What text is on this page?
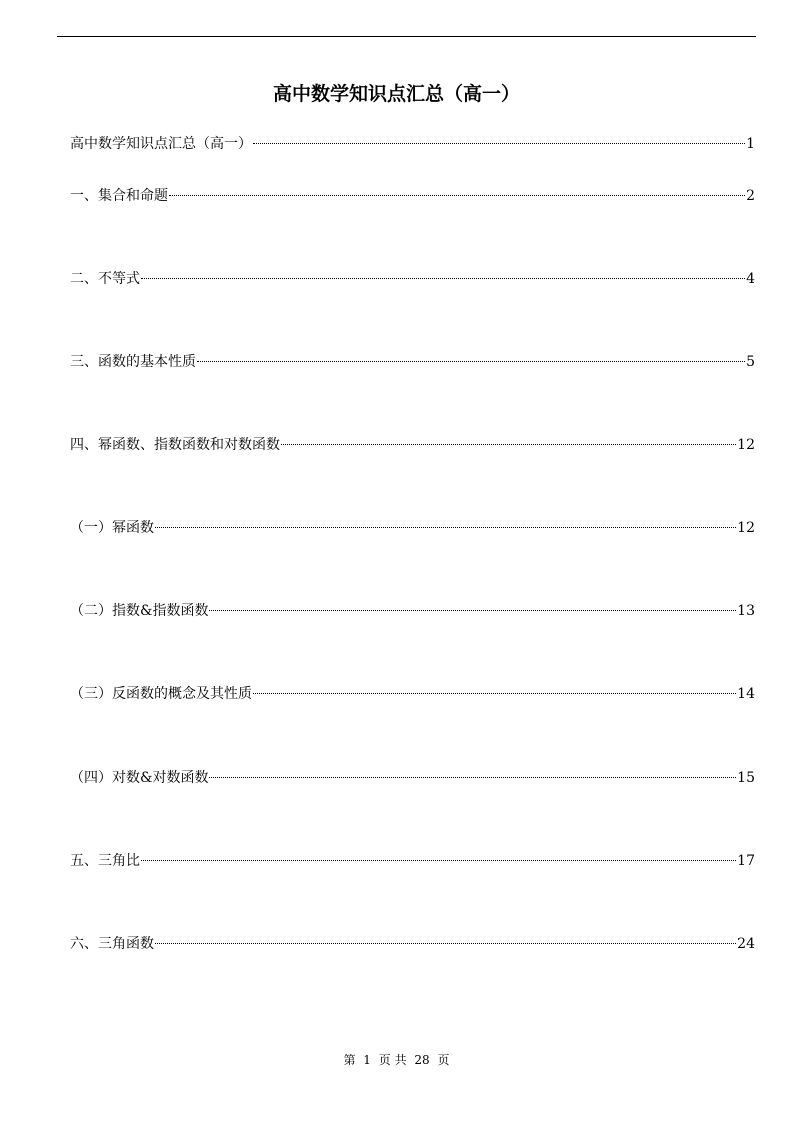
高中数学知识点汇总（高一）
高中数学知识点汇总（高一）	1
一、集合和命题	2
二、不等式	4
三、函数的基本性质	5
四、幂函数、指数函数和对数函数	12
（一）幂函数	12
（二）指数&指数函数	13
（三）反函数的概念及其性质	14
（四）对数&对数函数	15
五、三角比	17
六、三角函数	24
第 1 页 共 28 页
